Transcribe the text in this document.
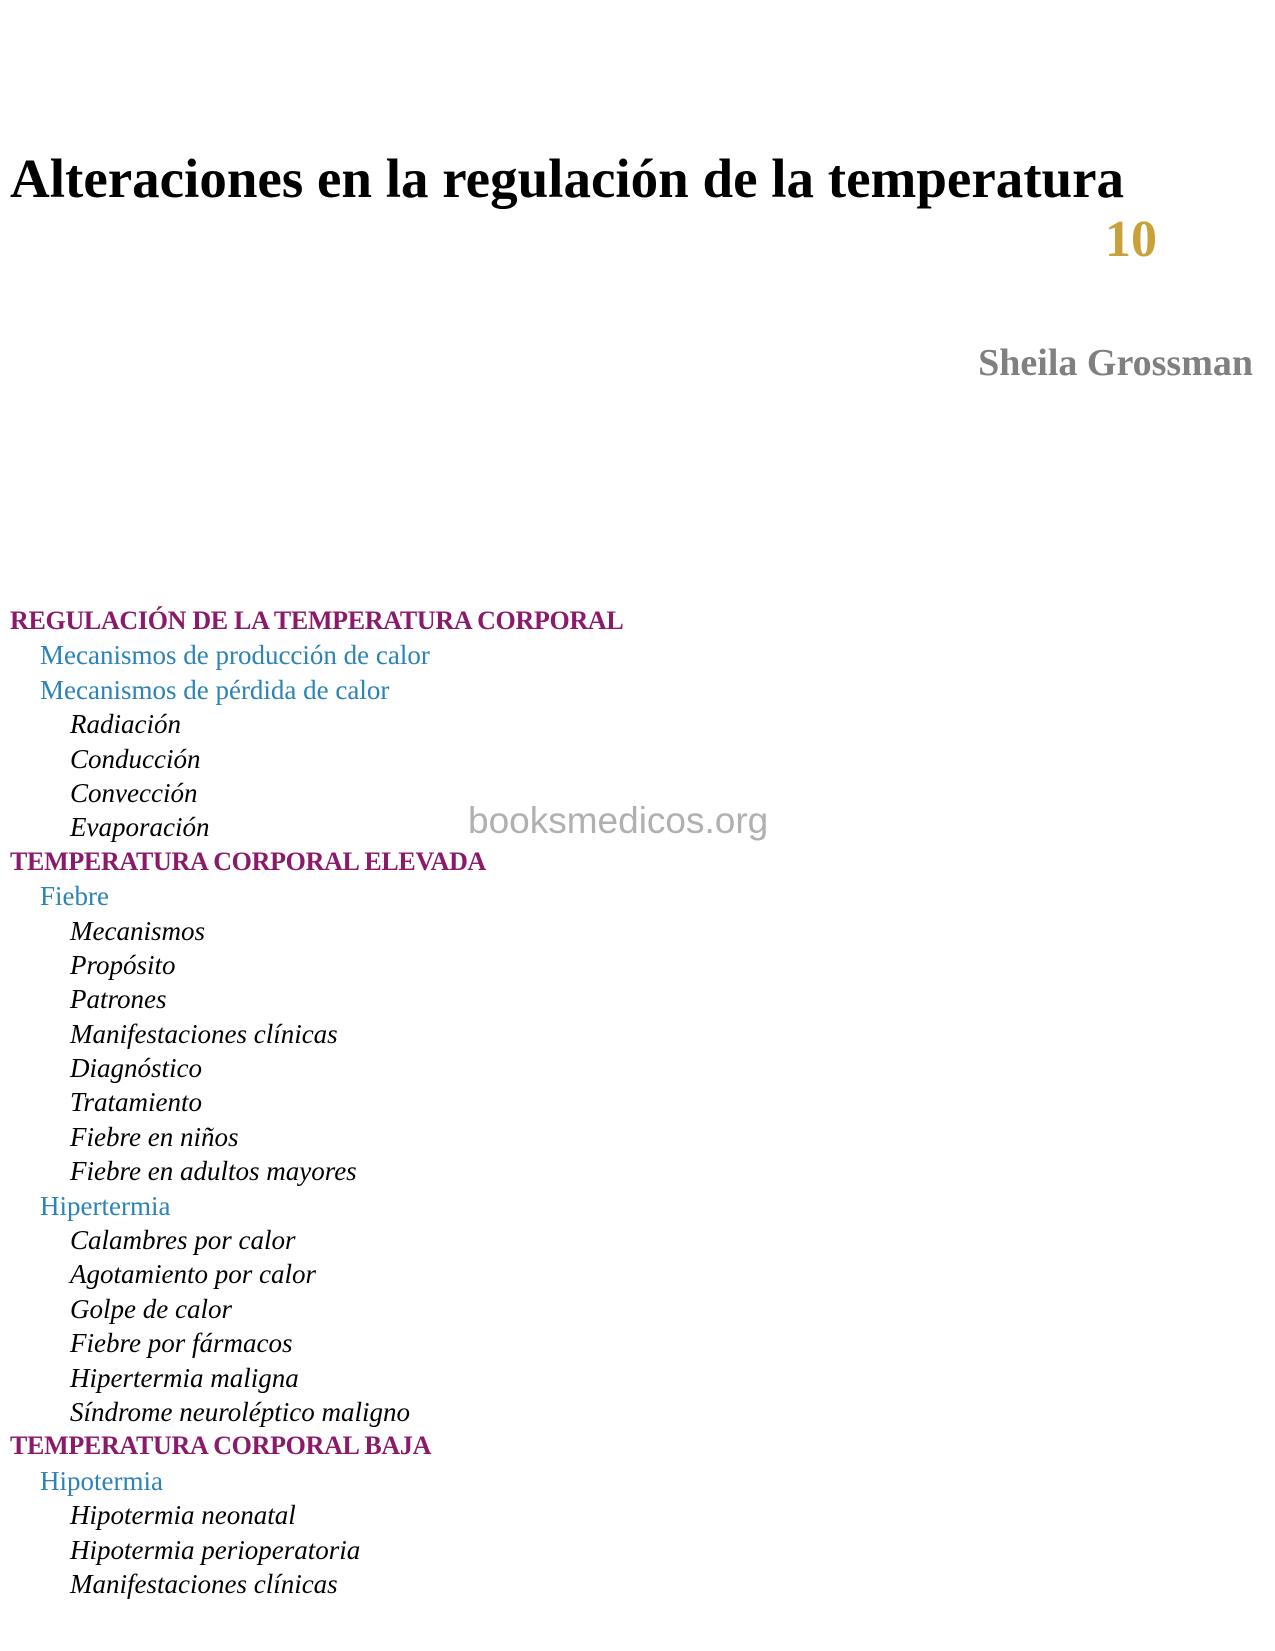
Alteraciones en la regulación de la temperatura
10
Sheila Grossman
REGULACIÓN DE LA TEMPERATURA CORPORAL
Mecanismos de producción de calor
Mecanismos de pérdida de calor
Radiación
Conducción
Convección
Evaporación
TEMPERATURA CORPORAL ELEVADA
Fiebre
Mecanismos
Propósito
Patrones
Manifestaciones clínicas
Diagnóstico
Tratamiento
Fiebre en niños
Fiebre en adultos mayores
Hipertermia
Calambres por calor
Agotamiento por calor
Golpe de calor
Fiebre por fármacos
Hipertermia maligna
Síndrome neuroléptico maligno
TEMPERATURA CORPORAL BAJA
Hipotermia
Hipotermia neonatal
Hipotermia perioperatoria
Manifestaciones clínicas
booksmedicos.org
